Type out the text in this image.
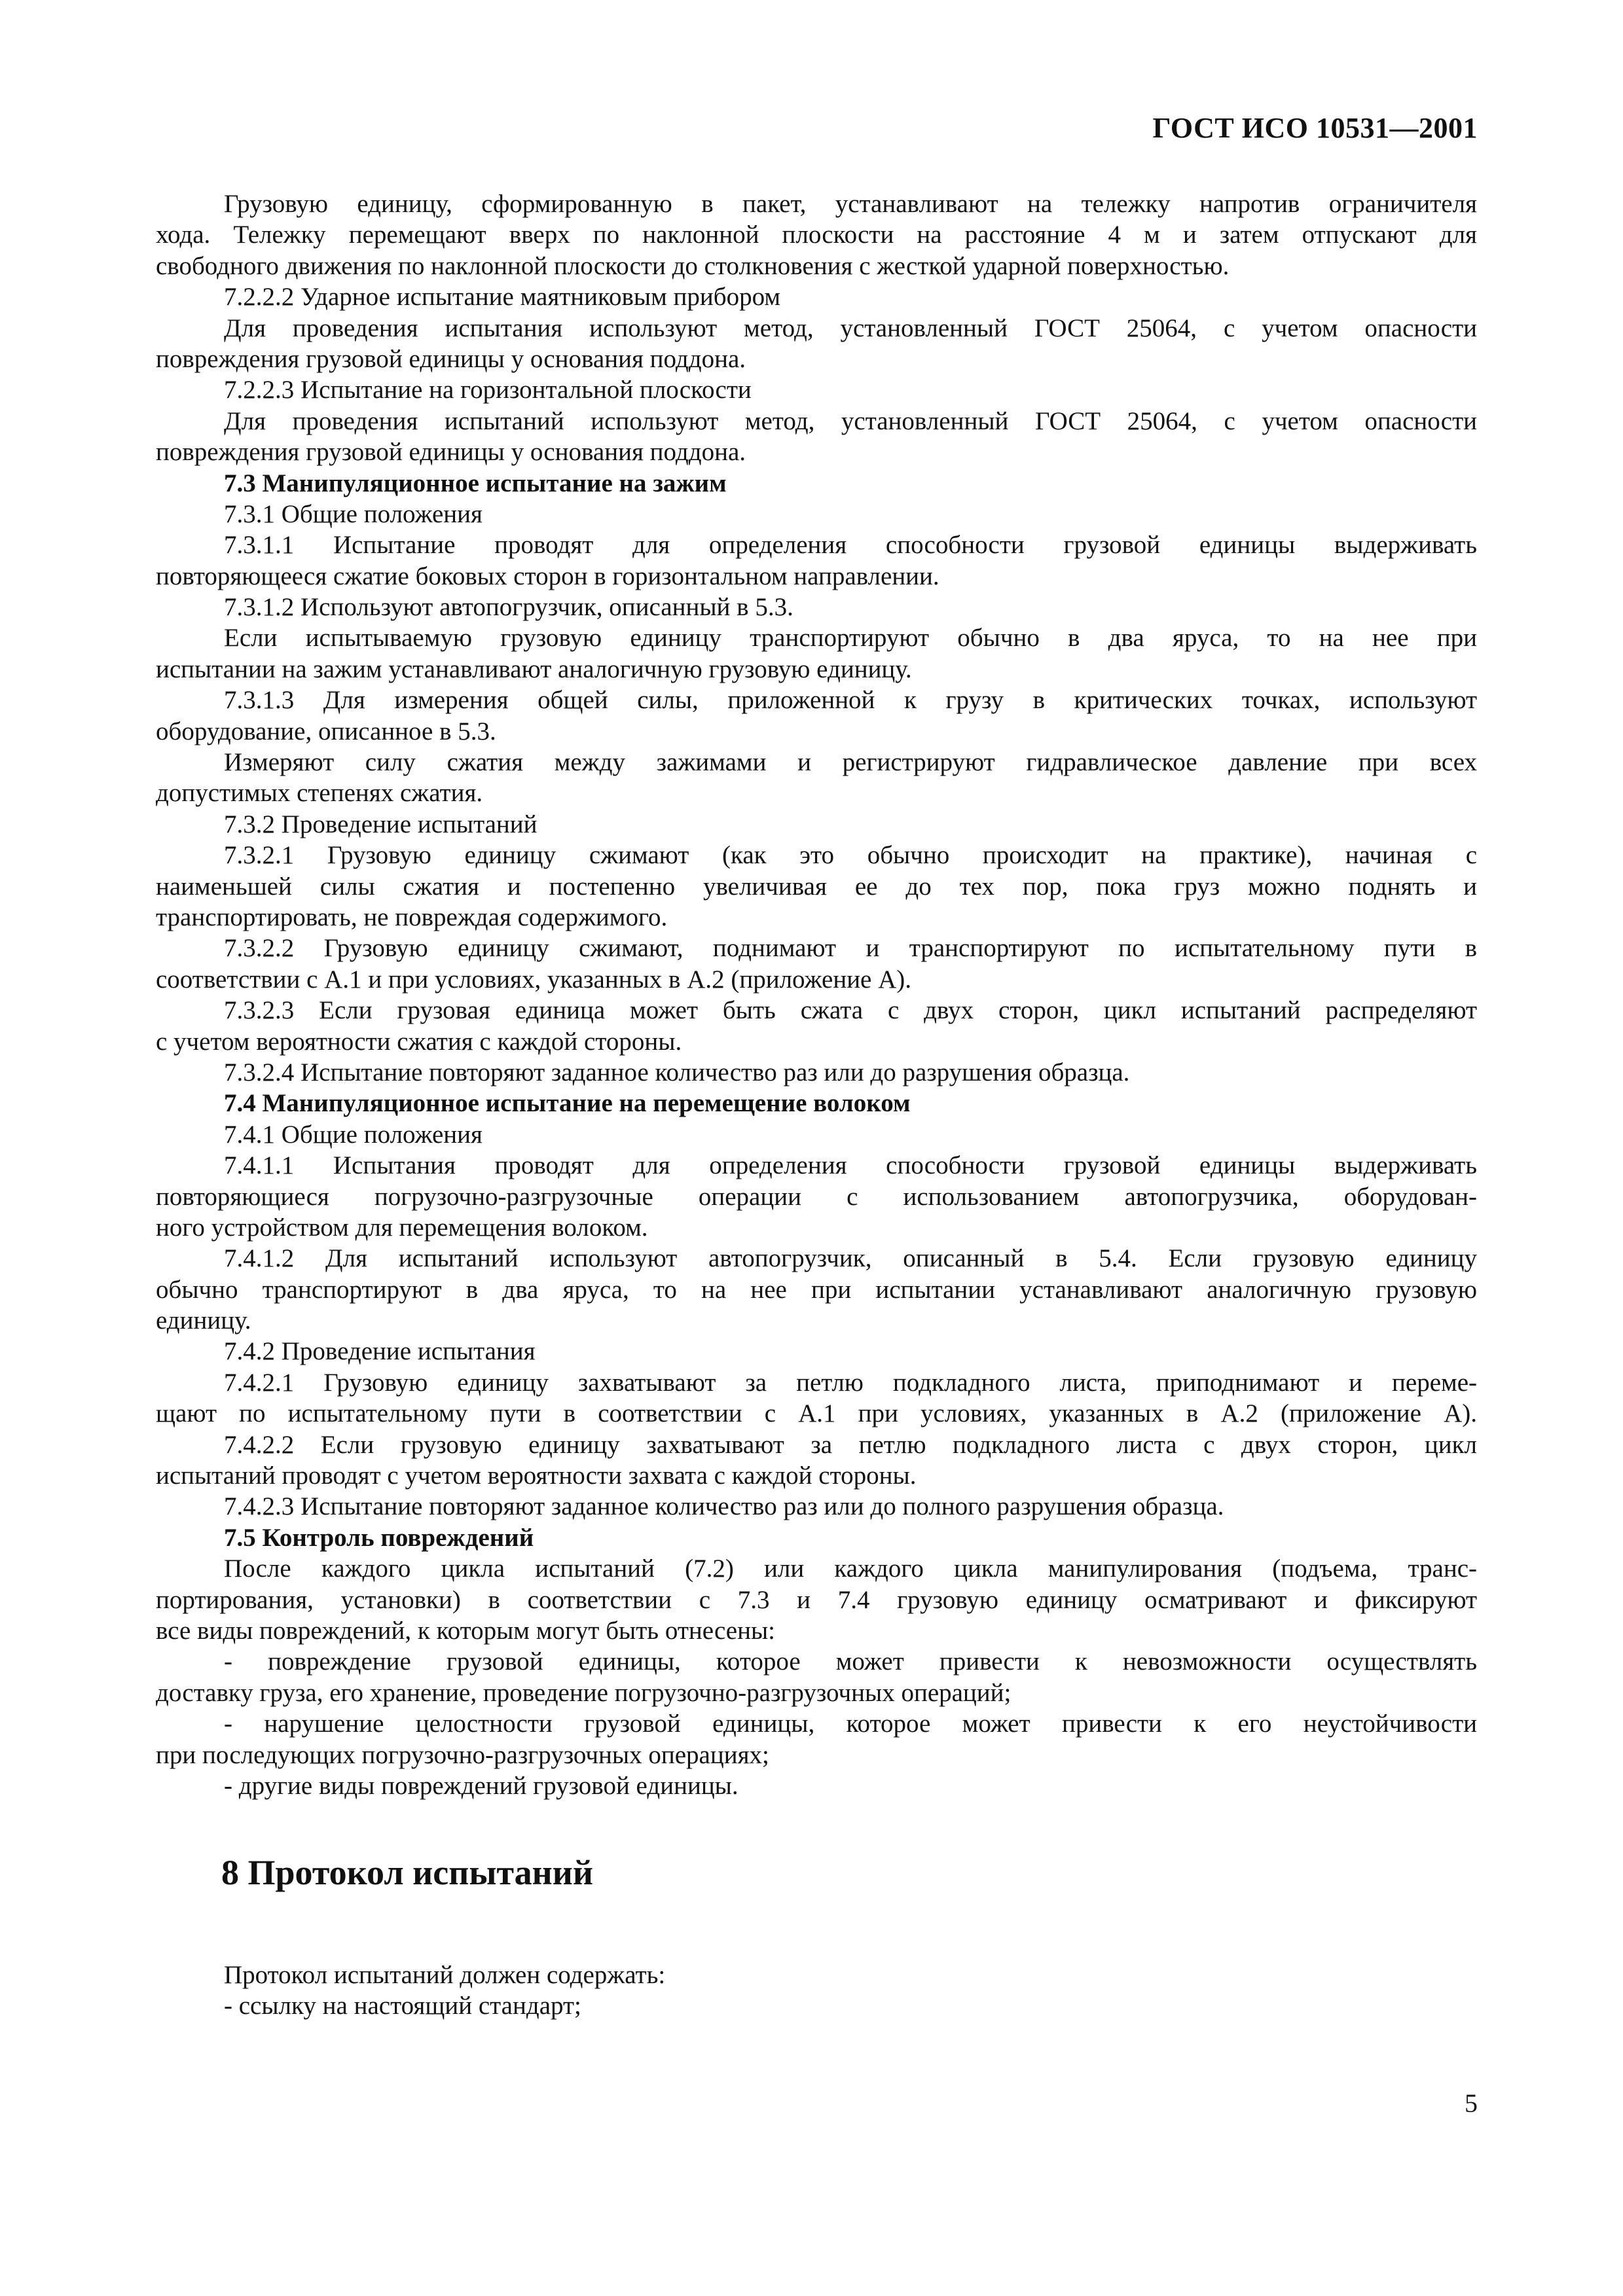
ГОСТ ИСО 10531—2001
Грузовую единицу, сформированную в пакет, устанавливают на тележку напротив ограничителя
хода. Тележку перемещают вверх по наклонной плоскости на расстояние 4 м и затем отпускают для
свободного движения по наклонной плоскости до столкновения с жесткой ударной поверхностью.
7.2.2.2 Ударное испытание маятниковым прибором
Для проведения испытания используют метод, установленный ГОСТ 25064, с учетом опасности
повреждения грузовой единицы у основания поддона.
7.2.2.3 Испытание на горизонтальной плоскости
Для проведения испытаний используют метод, установленный ГОСТ 25064, с учетом опасности
повреждения грузовой единицы у основания поддона.
7.3 Манипуляционное испытание на зажим
7.3.1 Общие положения
7.3.1.1 Испытание проводят для определения способности грузовой единицы выдерживать
повторяющееся сжатие боковых сторон в горизонтальном направлении.
7.3.1.2 Используют автопогрузчик, описанный в 5.3.
Если испытываемую грузовую единицу транспортируют обычно в два яруса, то на нее при
испытании на зажим устанавливают аналогичную грузовую единицу.
7.3.1.3 Для измерения общей силы, приложенной к грузу в критических точках, используют
оборудование, описанное в 5.3.
Измеряют силу сжатия между зажимами и регистрируют гидравлическое давление при всех
допустимых степенях сжатия.
7.3.2 Проведение испытаний
7.3.2.1 Грузовую единицу сжимают (как это обычно происходит на практике), начиная с
наименьшей силы сжатия и постепенно увеличивая ее до тех пор, пока груз можно поднять и
транспортировать, не повреждая содержимого.
7.3.2.2 Грузовую единицу сжимают, поднимают и транспортируют по испытательному пути в
соответствии с А.1 и при условиях, указанных в А.2 (приложение А).
7.3.2.3 Если грузовая единица может быть сжата с двух сторон, цикл испытаний распределяют
с учетом вероятности сжатия с каждой стороны.
7.3.2.4 Испытание повторяют заданное количество раз или до разрушения образца.
7.4 Манипуляционное испытание на перемещение волоком
7.4.1 Общие положения
7.4.1.1 Испытания проводят для определения способности грузовой единицы выдерживать
повторяющиеся погрузочно-разгрузочные операции с использованием автопогрузчика, оборудован-
ного устройством для перемещения волоком.
7.4.1.2 Для испытаний используют автопогрузчик, описанный в 5.4. Если грузовую единицу
обычно транспортируют в два яруса, то на нее при испытании устанавливают аналогичную грузовую
единицу.
7.4.2 Проведение испытания
7.4.2.1 Грузовую единицу захватывают за петлю подкладного листа, приподнимают и переме-
щают по испытательному пути в соответствии с А.1 при условиях, указанных в А.2 (приложение А).
7.4.2.2 Если грузовую единицу захватывают за петлю подкладного листа с двух сторон, цикл
испытаний проводят с учетом вероятности захвата с каждой стороны.
7.4.2.3 Испытание повторяют заданное количество раз или до полного разрушения образца.
7.5 Контроль повреждений
После каждого цикла испытаний (7.2) или каждого цикла манипулирования (подъема, транс-
портирования, установки) в соответствии с 7.3 и 7.4 грузовую единицу осматривают и фиксируют
все виды повреждений, к которым могут быть отнесены:
- повреждение грузовой единицы, которое может привести к невозможности осуществлять
доставку груза, его хранение, проведение погрузочно-разгрузочных операций;
- нарушение целостности грузовой единицы, которое может привести к его неустойчивости
при последующих погрузочно-разгрузочных операциях;
- другие виды повреждений грузовой единицы.
8 Протокол испытаний
Протокол испытаний должен содержать:
- ссылку на настоящий стандарт;
5
